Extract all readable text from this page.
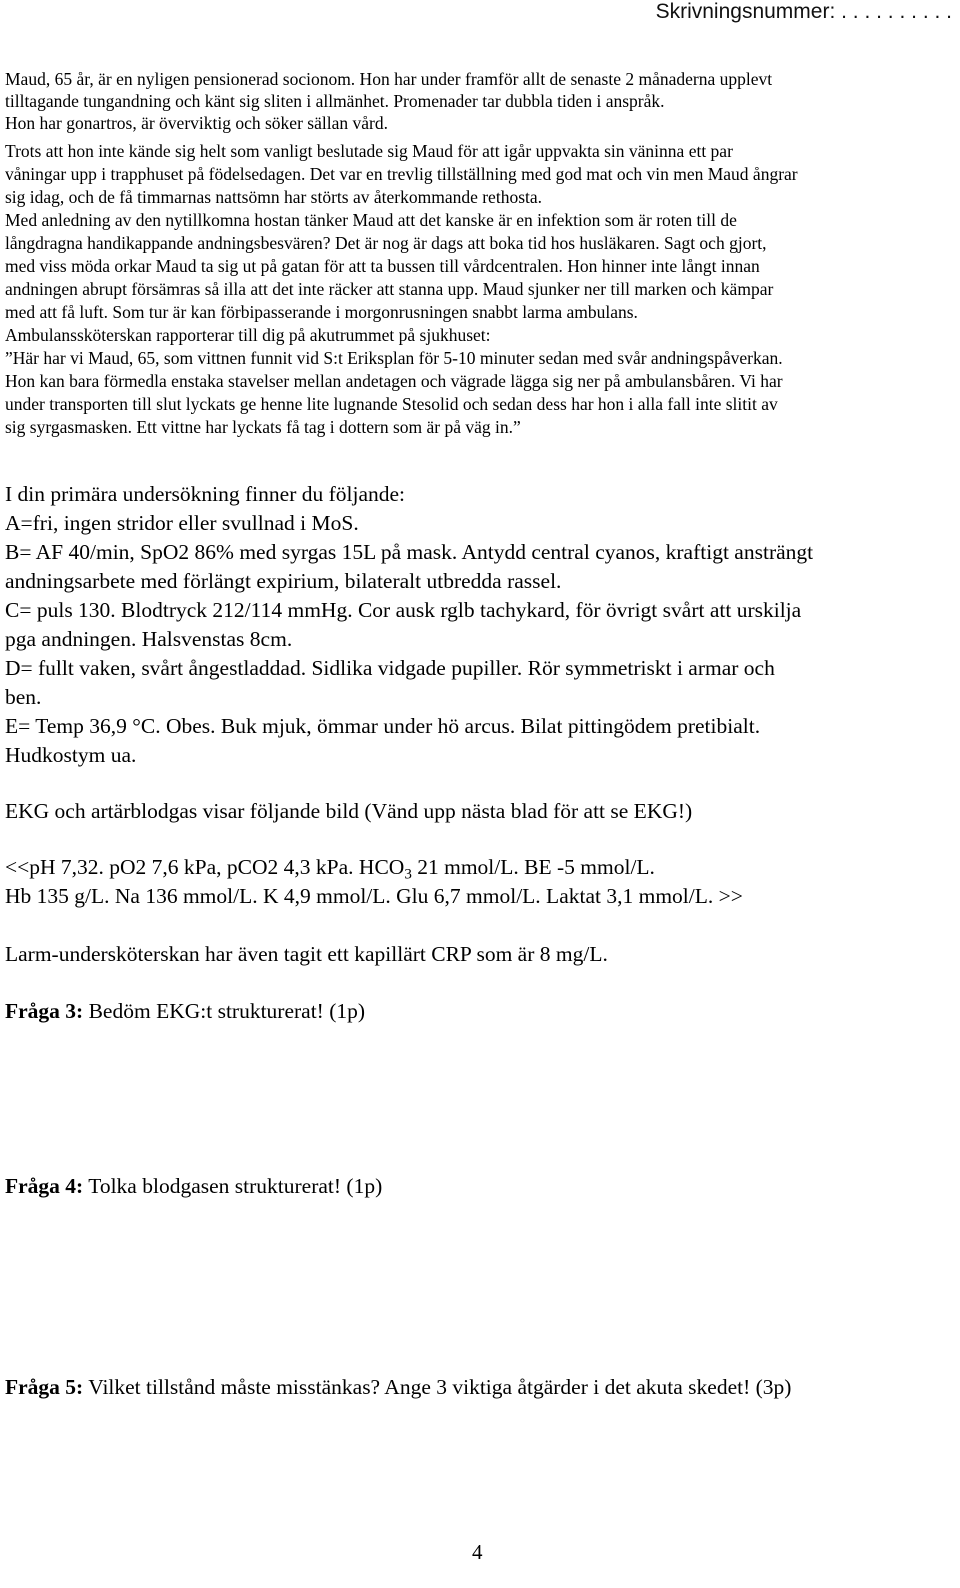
Skrivningsnummer: . . . . . . . . . .
Maud, 65 år, är en nyligen pensionerad socionom. Hon har under framför allt de senaste 2 månaderna upplevt
tilltagande tungandning och känt sig sliten i allmänhet. Promenader tar dubbla tiden i anspråk.
Hon har gonartros, är överviktig och söker sällan vård.
Trots att hon inte kände sig helt som vanligt beslutade sig Maud för att igår uppvakta sin väninna ett par
våningar upp i trapphuset på födelsedagen. Det var en trevlig tillställning med god mat och vin men Maud ångrar
sig idag, och de få timmarnas nattsömn har störts av återkommande rethosta.
Med anledning av den nytillkomna hostan tänker Maud att det kanske är en infektion som är roten till de
långdragna handikappande andningsbesvären? Det är nog är dags att boka tid hos husläkaren. Sagt och gjort,
med viss möda orkar Maud ta sig ut på gatan för att ta bussen till vårdcentralen. Hon hinner inte långt innan
andningen abrupt försämras så illa att det inte räcker att stanna upp. Maud sjunker ner till marken och kämpar
med att få luft. Som tur är kan förbipasserande i morgonrusningen snabbt larma ambulans.
Ambulanssköterskan rapporterar till dig på akutrummet på sjukhuset:
”Här har vi Maud, 65, som vittnen funnit vid S:t Eriksplan för 5-10 minuter sedan med svår andningspåverkan.
Hon kan bara förmedla enstaka stavelser mellan andetagen och vägrade lägga sig ner på ambulansbåren. Vi har
under transporten till slut lyckats ge henne lite lugnande Stesolid och sedan dess har hon i alla fall inte slitit av
sig syrgasmasken. Ett vittne har lyckats få tag i dottern som är på väg in.”
I din primära undersökning finner du följande:
A=fri, ingen stridor eller svullnad i MoS.
B= AF 40/min, SpO2 86% med syrgas 15L på mask. Antydd central cyanos, kraftigt ansträngt
andningsarbete med förlängt expirium, bilateralt utbredda rassel.
C= puls 130. Blodtryck 212/114 mmHg. Cor ausk rglb tachykard, för övrigt svårt att urskilja
pga andningen. Halsvenstas 8cm.
D= fullt vaken, svårt ångestladdad. Sidlika vidgade pupiller. Rör symmetriskt i armar och
ben.
E= Temp 36,9 °C. Obes. Buk mjuk, ömmar under hö arcus. Bilat pittingödem pretibialt.
Hudkostym ua.
EKG och artärblodgas visar följande bild (Vänd upp nästa blad för att se EKG!)
<<pH 7,32. pO2 7,6 kPa, pCO2 4,3 kPa. $HCO_3$ 21 mmol/L. BE -5 mmol/L.
Hb 135 g/L. Na 136 mmol/L. K 4,9 mmol/L. Glu 6,7 mmol/L. Laktat 3,1 mmol/L. >>
Larm-undersköterskan har även tagit ett kapillärt CRP som är 8 mg/L.
Fråga 3: Bedöm EKG:t strukturerat! (1p)
Fråga 4: Tolka blodgasen strukturerat! (1p)
Fråga 5: Vilket tillstånd måste misstänkas? Ange 3 viktiga åtgärder i det akuta skedet! (3p)
4
